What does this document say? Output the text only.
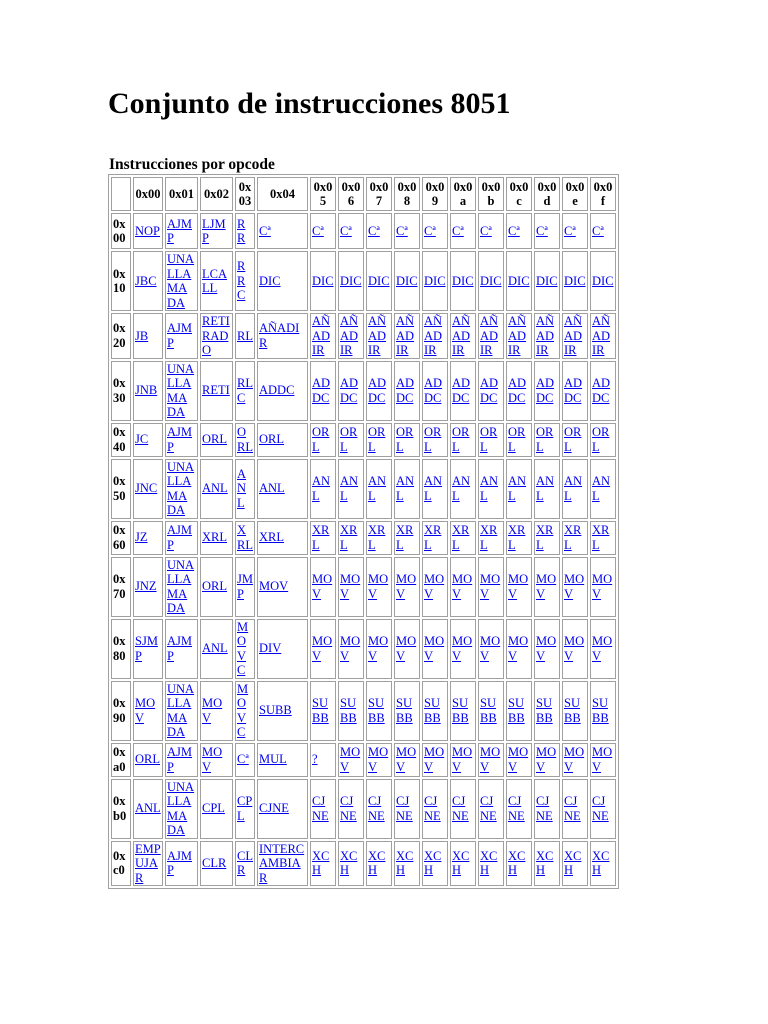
Conjunto de instrucciones 8051
Instrucciones por opcode
	0x00	0x01	0x02	0x03	0x04	0x05	0x06	0x07	0x08	0x09	0x0a	0x0b	0x0c	0x0d	0x0e	0x0f
0x00	NOP	AJMP	LJMP	RR	Cª	Cª	Cª	Cª	Cª	Cª	Cª	Cª	Cª	Cª	Cª	Cª
0x10	JBC	UNA LLAMADA	LCALL	RRC	DIC	DIC	DIC	DIC	DIC	DIC	DIC	DIC	DIC	DIC	DIC	DIC
0x20	JB	AJMP	RETIRADO	RL	AÑADIR	AÑADIR	AÑADIR	AÑADIR	AÑADIR	AÑADIR	AÑADIR	AÑADIR	AÑADIR	AÑADIR	AÑADIR	AÑADIR
0x30	JNB	UNA LLAMADA	RETI	RLC	ADDC	ADDC	ADDC	ADDC	ADDC	ADDC	ADDC	ADDC	ADDC	ADDC	ADDC	ADDC
0x40	JC	AJMP	ORL	ORL	ORL	ORL	ORL	ORL	ORL	ORL	ORL	ORL	ORL	ORL	ORL	ORL
0x50	JNC	UNA LLAMADA	ANL	ANL	ANL	ANL	ANL	ANL	ANL	ANL	ANL	ANL	ANL	ANL	ANL	ANL
0x60	JZ	AJMP	XRL	XRL	XRL	XRL	XRL	XRL	XRL	XRL	XRL	XRL	XRL	XRL	XRL	XRL
0x70	JNZ	UNA LLAMADA	ORL	JMP	MOV	MOV	MOV	MOV	MOV	MOV	MOV	MOV	MOV	MOV	MOV	MOV
0x80	SJMP	AJMP	ANL	MOVC	DIV	MOV	MOV	MOV	MOV	MOV	MOV	MOV	MOV	MOV	MOV	MOV
0x90	MOV	UNA LLAMADA	MOV	MOVC	SUBB	SUBB	SUBB	SUBB	SUBB	SUBB	SUBB	SUBB	SUBB	SUBB	SUBB	SUBB
0xa0	ORL	AJMP	MOV	Cª	MUL	?	MOV	MOV	MOV	MOV	MOV	MOV	MOV	MOV	MOV	MOV
0xb0	ANL	UNA LLAMADA	CPL	CPL	CJNE	CJNE	CJNE	CJNE	CJNE	CJNE	CJNE	CJNE	CJNE	CJNE	CJNE	CJNE
0xc0	EMPUJAR	AJMP	CLR	CLR	INTERCAMBIAR	XCH	XCH	XCH	XCH	XCH	XCH	XCH	XCH	XCH	XCH	XCH
